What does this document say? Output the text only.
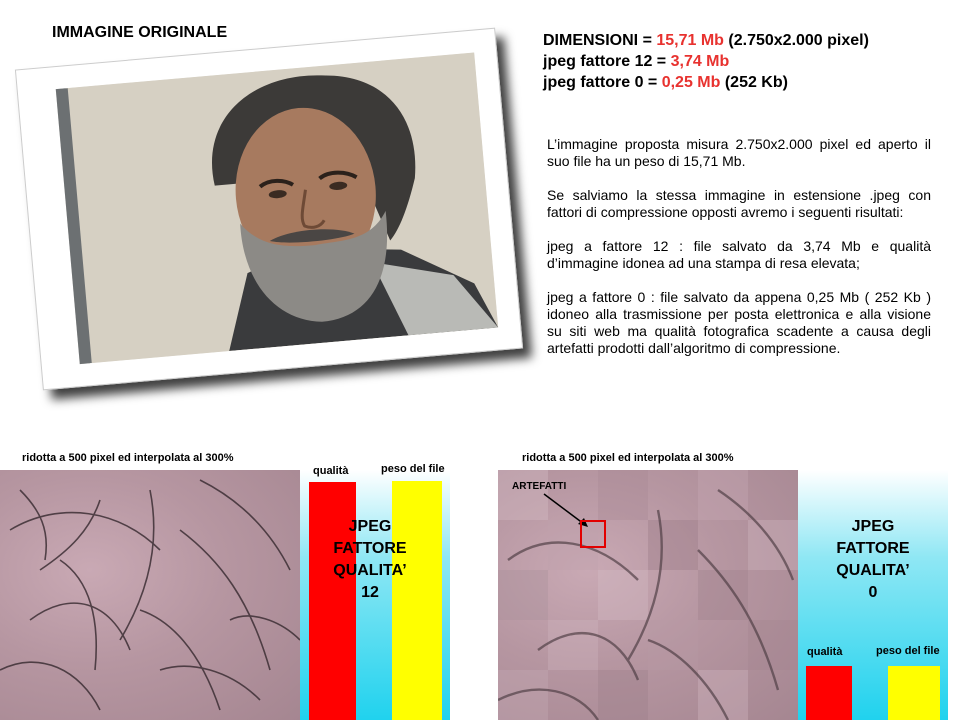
IMMAGINE ORIGINALE	DIMENSIONI = 15,71 Mb (2.750x2.000 pixel)
jpeg fattore 12 = 3,74 Mb
jpeg fattore 0 = 0,25 Mb (252 Kb)

L’immagine proposta misura 2.750x2.000 pixel ed aperto il suo file ha un peso di 15,71 Mb.

Se salviamo la stessa immagine in estensione .jpeg con fattori di compressione opposti avremo i seguenti risultati:

jpeg a fattore 12 : file salvato da 3,74 Mb e qualità d’immagine idonea ad una stampa di resa elevata;

jpeg a fattore 0 : file salvato da appena 0,25 Mb ( 252 Kb ) idoneo alla trasmissione per posta elettronica e alla visione su siti web ma qualità fotografica scadente a causa degli artefatti prodotti dall’algoritmo di compressione.

ridotta a 500 pixel ed interpolata al 300%	ridotta a 500 pixel ed interpolata al 300%
qualità	peso del file
JPEG
FATTORE
QUALITA’
12
ARTEFATTI
JPEG
FATTORE
QUALITA’
0
qualità	peso del file
